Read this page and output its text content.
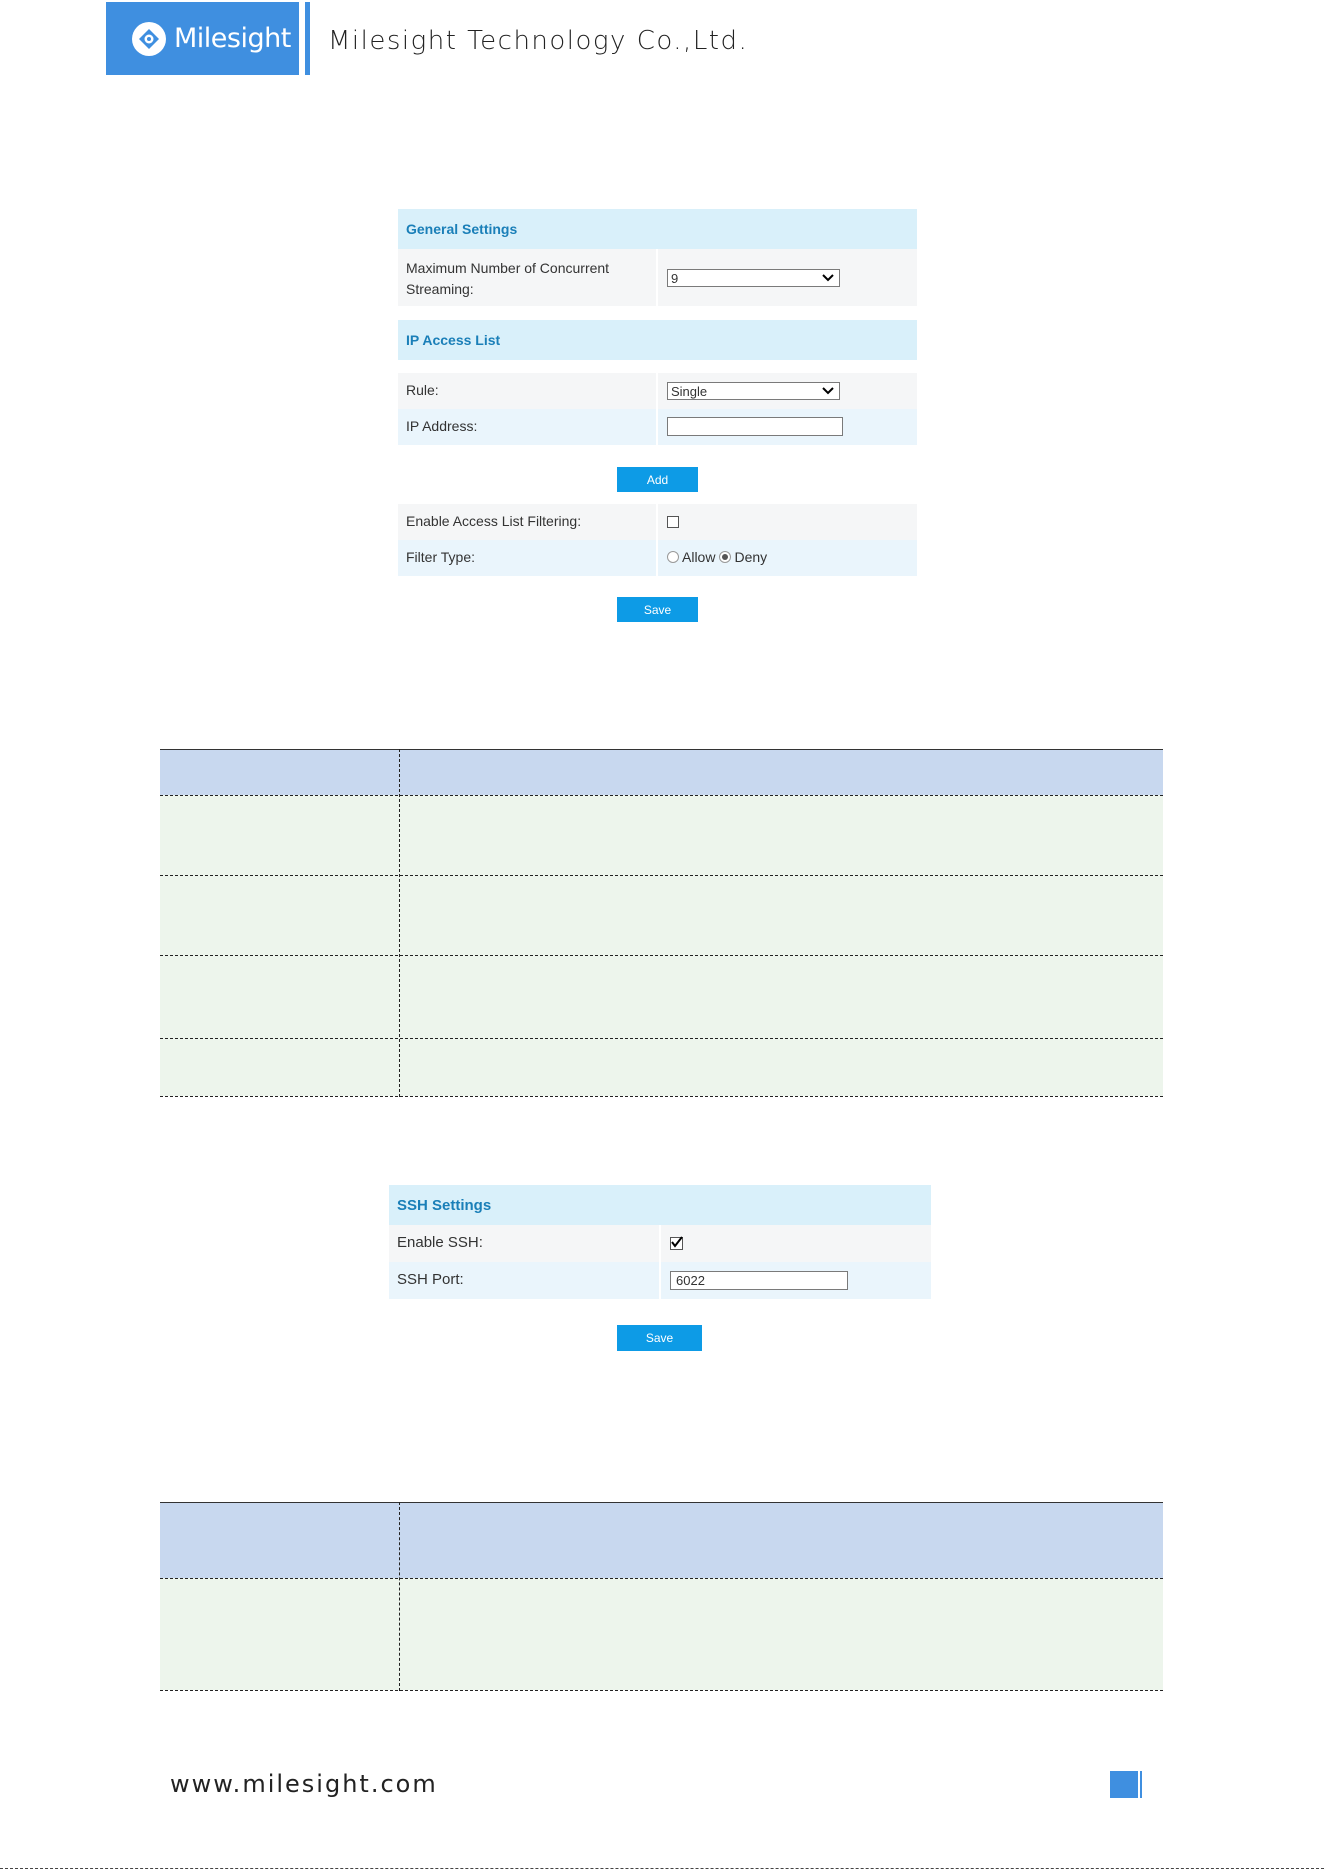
Milesight Milesight Technology Co.,Ltd.
General Settings
Maximum Number of Concurrent
Streaming:
9
IP Access List
Rule:	Single
IP Address:
Add
Enable Access List Filtering:
Filter Type:	Allow Deny
Save
SSH Settings
Enable SSH:
SSH Port:	6022
Save
www.milesight.com
